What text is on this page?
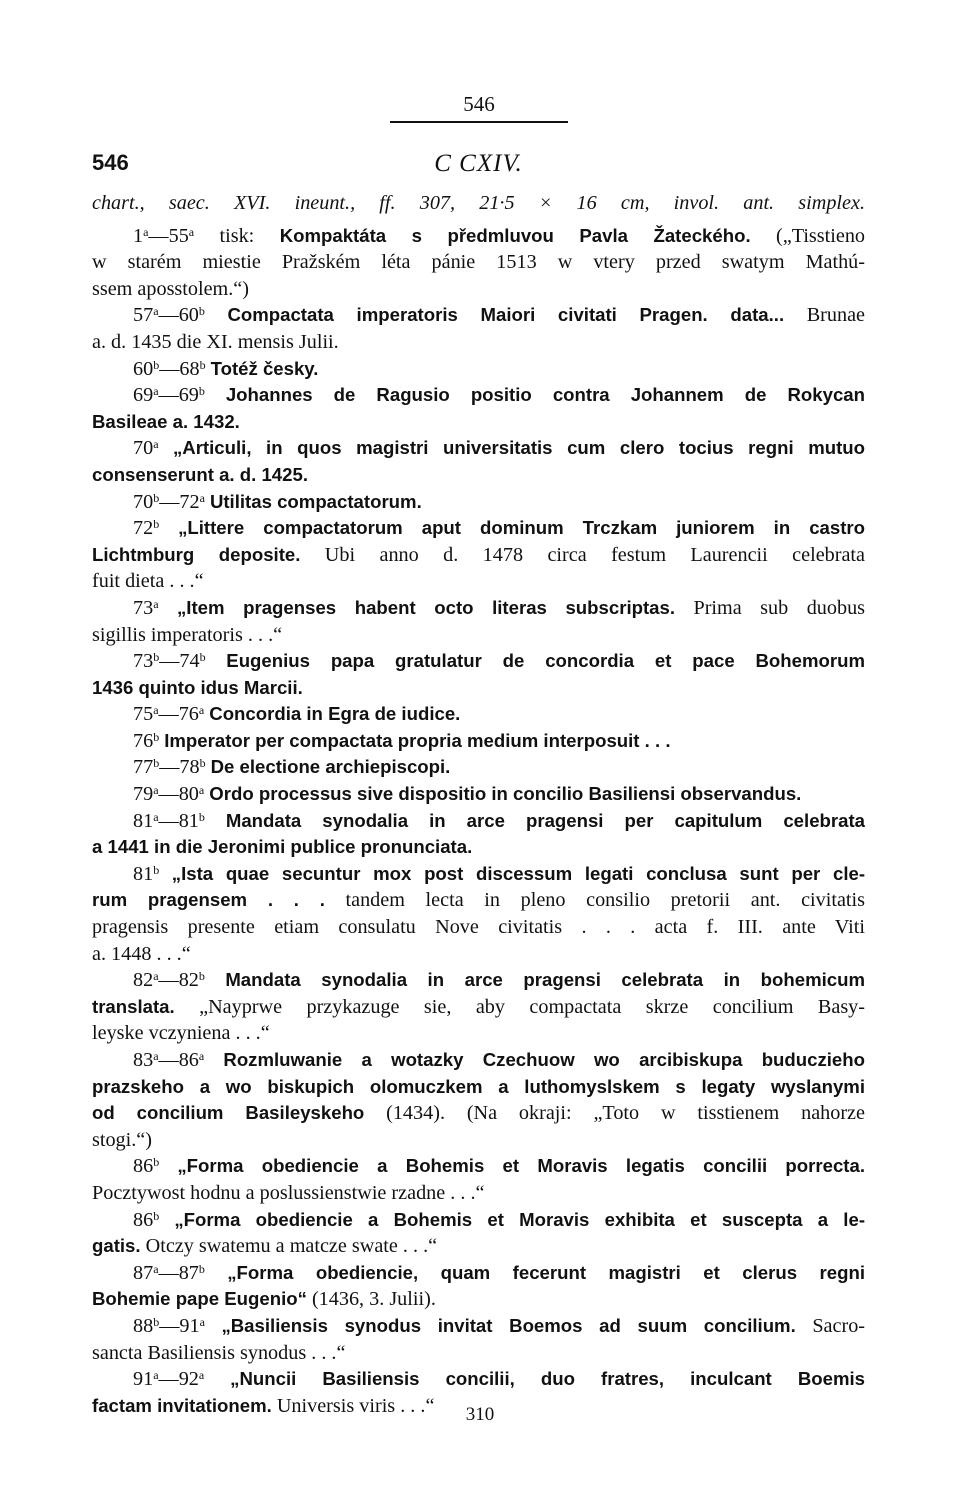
546
546	C CXIV.
chart., saec. XVI. ineunt., ff. 307, 21·5 × 16 cm, invol. ant. simplex.
1$^a$—55$^a$ tisk: Kompaktáta s předmluvou Pavla Žateckého. („Tisstieno
w starém miestie Pražském léta pánie 1513 w vtery przed swatym Mathú-
ssem aposstolem.“)
57$^a$—60$^b$ Compactata imperatoris Maiori civitati Pragen. data... Brunae
a. d. 1435 die XI. mensis Julii.
60$^b$—68$^b$ Totéž česky.
69$^a$—69$^b$ Johannes de Ragusio positio contra Johannem de Rokycan
Basileae a. 1432.
70$^a$ „Articuli, in quos magistri universitatis cum clero tocius regni mutuo
consenserunt a. d. 1425.
70$^b$—72$^a$ Utilitas compactatorum.
72$^b$ „Littere compactatorum aput dominum Trczkam juniorem in castro
Lichtmburg deposite. Ubi anno d. 1478 circa festum Laurencii celebrata
fuit dieta . . .“
73$^a$ „Item pragenses habent octo literas subscriptas. Prima sub duobus
sigillis imperatoris . . .“
73$^b$—74$^b$ Eugenius papa gratulatur de concordia et pace Bohemorum
1436 quinto idus Marcii.
75$^a$—76$^a$ Concordia in Egra de iudice.
76$^b$ Imperator per compactata propria medium interposuit . . .
77$^b$—78$^b$ De electione archiepiscopi.
79$^a$—80$^a$ Ordo processus sive dispositio in concilio Basiliensi observandus.
81$^a$—81$^b$ Mandata synodalia in arce pragensi per capitulum celebrata
a 1441 in die Jeronimi publice pronunciata.
81$^b$ „Ista quae secuntur mox post discessum legati conclusa sunt per cle-
rum pragensem . . . tandem lecta in pleno consilio pretorii ant. civitatis
pragensis presente etiam consulatu Nove civitatis . . . acta f. III. ante Viti
a. 1448 . . .“
82$^a$—82$^b$ Mandata synodalia in arce pragensi celebrata in bohemicum
translata. „Nayprwe przykazuge sie, aby compactata skrze concilium Basy-
leyske vczyniena . . .“
83$^a$—86$^a$ Rozmluwanie a wotazky Czechuow wo arcibiskupa buduczieho
prazskeho a wo biskupich olomuczkem a luthomyslskem s legaty wyslanymi
od concilium Basileyskeho (1434). (Na okraji: „Toto w tisstienem nahorze
stogi.“)
86$^b$ „Forma obediencie a Bohemis et Moravis legatis concilii porrecta.
Pocztywost hodnu a poslussienstwie rzadne . . .“
86$^b$ „Forma obediencie a Bohemis et Moravis exhibita et suscepta a le-
gatis. Otczy swatemu a matcze swate . . .“
87$^a$—87$^b$ „Forma obediencie, quam fecerunt magistri et clerus regni
Bohemie pape Eugenio“ (1436, 3. Julii).
88$^b$—91$^a$ „Basiliensis synodus invitat Boemos ad suum concilium. Sacro-
sancta Basiliensis synodus . . .“
91$^a$—92$^a$ „Nuncii Basiliensis concilii, duo fratres, inculcant Boemis
factam invitationem. Universis viris . . .“	310
